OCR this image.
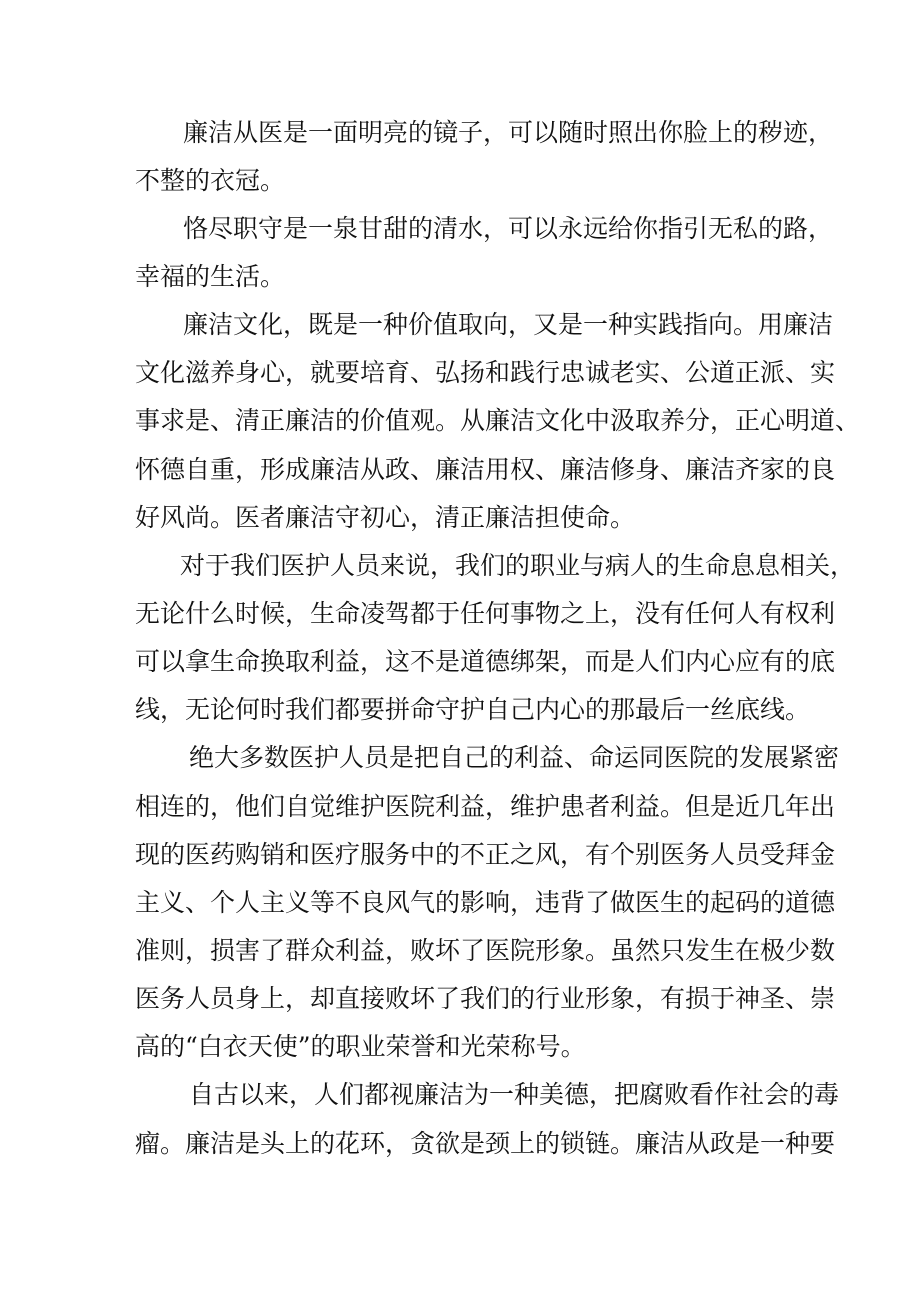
廉洁从医是一面明亮的镜子，可以随时照出你脸上的秽迹，
不整的衣冠。
恪尽职守是一泉甘甜的清水，可以永远给你指引无私的路，
幸福的生活。
廉洁文化，既是一种价值取向，又是一种实践指向。用廉洁
文化滋养身心，就要培育、弘扬和践行忠诚老实、公道正派、实
事求是、清正廉洁的价值观。从廉洁文化中汲取养分，正心明道、
怀德自重，形成廉洁从政、廉洁用权、廉洁修身、廉洁齐家的良
好风尚。医者廉洁守初心，清正廉洁担使命。
对于我们医护人员来说，我们的职业与病人的生命息息相关，
无论什么时候，生命凌驾都于任何事物之上，没有任何人有权利
可以拿生命换取利益，这不是道德绑架，而是人们内心应有的底
线，无论何时我们都要拼命守护自己内心的那最后一丝底线。
绝大多数医护人员是把自己的利益、命运同医院的发展紧密
相连的，他们自觉维护医院利益，维护患者利益。但是近几年出
现的医药购销和医疗服务中的不正之风，有个别医务人员受拜金
主义、个人主义等不良风气的影响，违背了做医生的起码的道德
准则，损害了群众利益，败坏了医院形象。虽然只发生在极少数
医务人员身上，却直接败坏了我们的行业形象，有损于神圣、崇
高的“白衣天使”的职业荣誉和光荣称号。
自古以来，人们都视廉洁为一种美德，把腐败看作社会的毒
瘤。廉洁是头上的花环，贪欲是颈上的锁链。廉洁从政是一种要
